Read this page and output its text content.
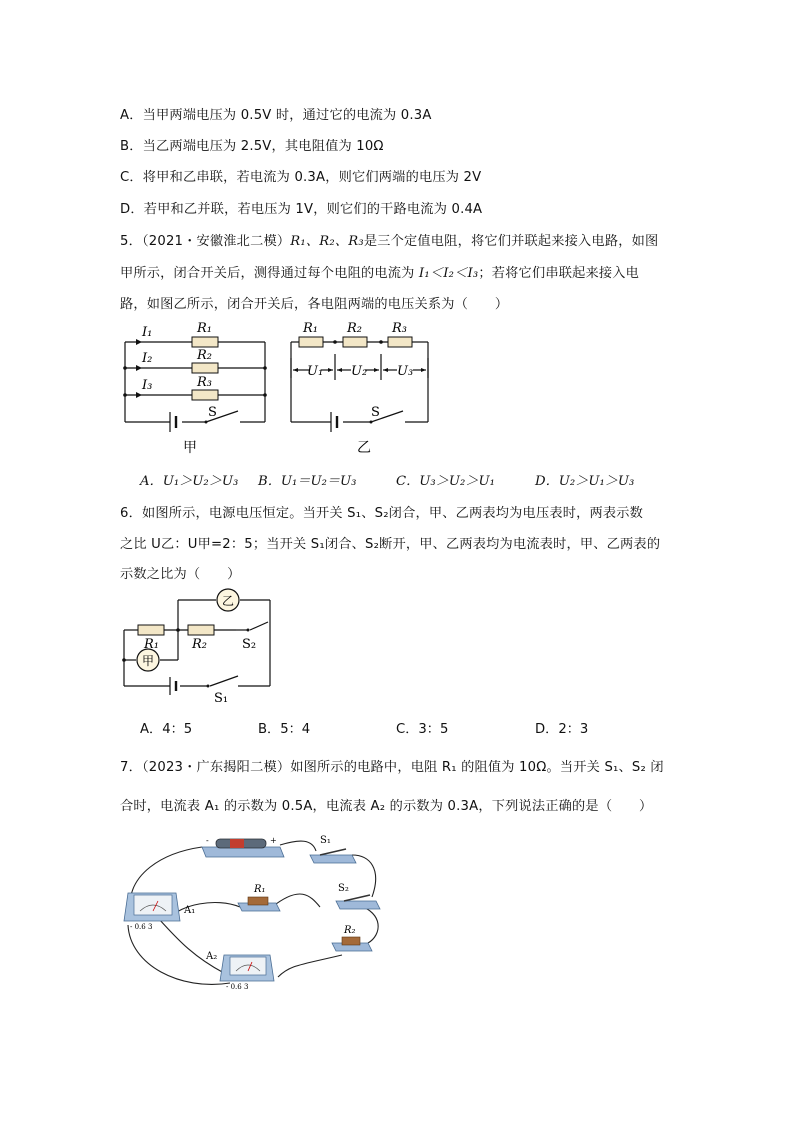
A．当甲两端电压为 0.5V 时，通过它的电流为 0.3A
B．当乙两端电压为 2.5V，其电阻值为 10Ω
C．将甲和乙串联，若电流为 0.3A，则它们两端的电压为 2V
D．若甲和乙并联，若电压为 1V，则它们的干路电流为 0.4A
5．（2021・安徽淮北二模）R₁、R₂、R₃是三个定值电阻，将它们并联起来接入电路，如图
甲所示，闭合开关后，测得通过每个电阻的电流为 I₁＜I₂＜I₃；若将它们串联起来接入电
路，如图乙所示，闭合开关后，各电阻两端的电压关系为（　　）
I₁
I₂
I₃
R₁
R₂
R₃
S
甲
R₁ R₂ R₃
U₁ U₂ U₃
S
乙
A．U₁＞U₂＞U₃ B．U₁＝U₂＝U₃	C．U₃＞U₂＞U₁	D．U₂＞U₁＞U₃
6．如图所示，电源电压恒定。当开关 S₁、S₂闭合，甲、乙两表均为电压表时，两表示数
之比 U乙：U甲=2：5；当开关 S₁闭合、S₂断开，甲、乙两表均为电流表时，甲、乙两表的
示数之比为（　　）
乙
甲
R₁	R₂	S₂
S₁
A．4：5	B．5：4	C．3：5	D．2：3
7．（2023・广东揭阳二模）如图所示的电路中，电阻 R₁ 的阻值为 10Ω。当开关 S₁、S₂ 闭
合时，电流表 A₁ 的示数为 0.5A，电流表 A₂ 的示数为 0.3A，下列说法正确的是（　　）
+
-	S₁
- 0.6 3
A₁
R₁	S₂
R₂
- 0.6 3
A₂
